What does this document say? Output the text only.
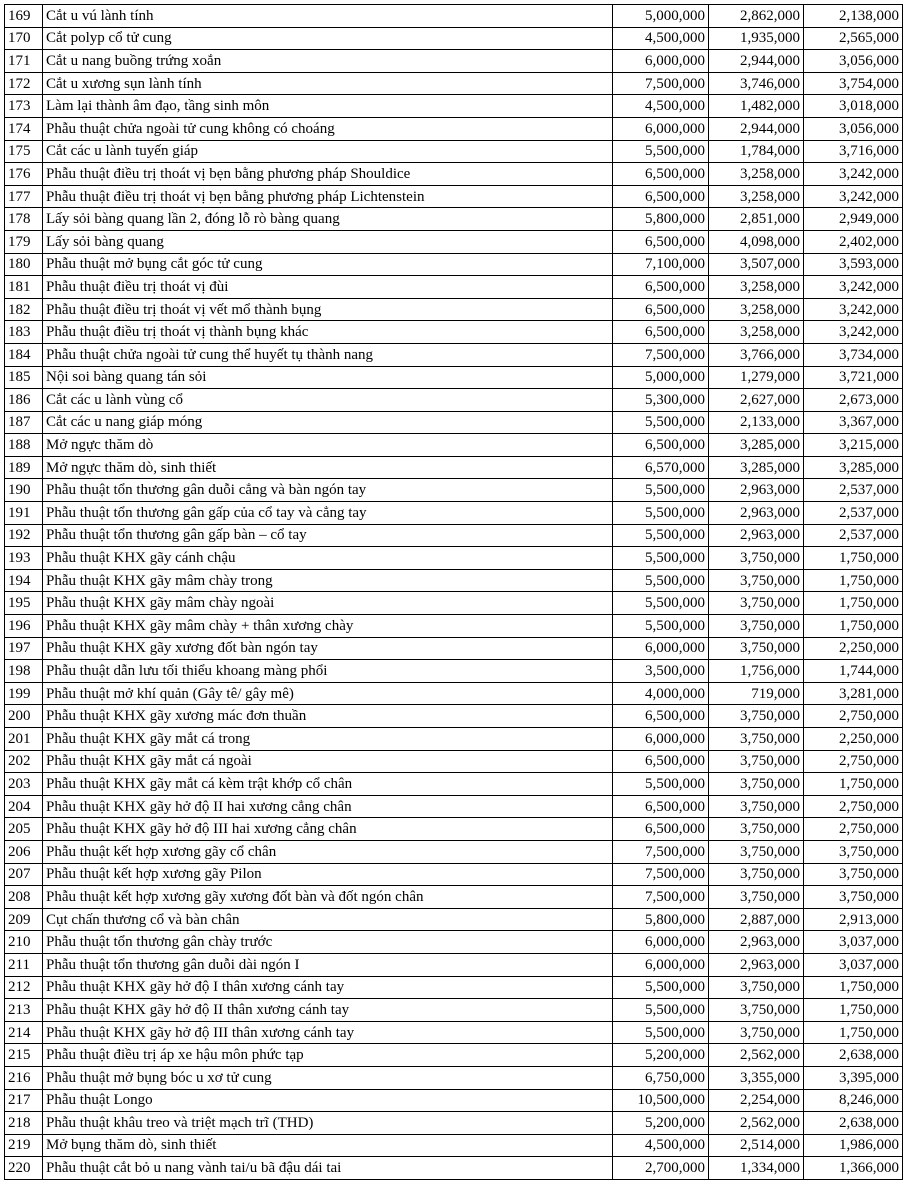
169	Cắt u vú lành tính	5,000,000	2,862,000	2,138,000
170	Cắt polyp cổ tử cung	4,500,000	1,935,000	2,565,000
171	Cắt u nang buồng trứng xoắn	6,000,000	2,944,000	3,056,000
172	Cắt u xương sụn lành tính	7,500,000	3,746,000	3,754,000
173	Làm lại thành âm đạo, tầng sinh môn	4,500,000	1,482,000	3,018,000
174	Phẫu thuật chửa ngoài tử cung không có choáng	6,000,000	2,944,000	3,056,000
175	Cắt các u lành tuyến giáp	5,500,000	1,784,000	3,716,000
176	Phẫu thuật điều trị thoát vị bẹn bằng phương pháp Shouldice	6,500,000	3,258,000	3,242,000
177	Phẫu thuật điều trị thoát vị bẹn bằng phương pháp Lichtenstein	6,500,000	3,258,000	3,242,000
178	Lấy sỏi bàng quang lần 2, đóng lỗ rò bàng quang	5,800,000	2,851,000	2,949,000
179	Lấy sỏi bàng quang	6,500,000	4,098,000	2,402,000
180	Phẫu thuật mở bụng cắt góc tử cung	7,100,000	3,507,000	3,593,000
181	Phẫu thuật điều trị thoát vị đùi	6,500,000	3,258,000	3,242,000
182	Phẫu thuật điều trị thoát vị vết mổ thành bụng	6,500,000	3,258,000	3,242,000
183	Phẫu thuật điều trị thoát vị thành bụng khác	6,500,000	3,258,000	3,242,000
184	Phẫu thuật chửa ngoài tử cung thể huyết tụ thành nang	7,500,000	3,766,000	3,734,000
185	Nội soi bàng quang tán sỏi	5,000,000	1,279,000	3,721,000
186	Cắt các u lành vùng cổ	5,300,000	2,627,000	2,673,000
187	Cắt các u nang giáp móng	5,500,000	2,133,000	3,367,000
188	Mở ngực thăm dò	6,500,000	3,285,000	3,215,000
189	Mở ngực thăm dò, sinh thiết	6,570,000	3,285,000	3,285,000
190	Phẫu thuật tổn thương gân duỗi cẳng và bàn ngón tay	5,500,000	2,963,000	2,537,000
191	Phẫu thuật tổn thương gân gấp của cổ tay và cẳng tay	5,500,000	2,963,000	2,537,000
192	Phẫu thuật tổn thương gân gấp bàn – cổ tay	5,500,000	2,963,000	2,537,000
193	Phẫu thuật KHX gãy cánh chậu	5,500,000	3,750,000	1,750,000
194	Phẫu thuật KHX gãy mâm chày trong	5,500,000	3,750,000	1,750,000
195	Phẫu thuật KHX gãy mâm chày ngoài	5,500,000	3,750,000	1,750,000
196	Phẫu thuật KHX gãy mâm chày + thân xương chày	5,500,000	3,750,000	1,750,000
197	Phẫu thuật KHX gãy xương đốt bàn ngón tay	6,000,000	3,750,000	2,250,000
198	Phẫu thuật dẫn lưu tối thiểu khoang màng phổi	3,500,000	1,756,000	1,744,000
199	Phẫu thuật mở khí quản (Gây tê/ gây mê)	4,000,000	719,000	3,281,000
200	Phẫu thuật KHX gãy xương mác đơn thuần	6,500,000	3,750,000	2,750,000
201	Phẫu thuật KHX gãy mắt cá trong	6,000,000	3,750,000	2,250,000
202	Phẫu thuật KHX gãy mắt cá ngoài	6,500,000	3,750,000	2,750,000
203	Phẫu thuật KHX gãy mắt cá kèm trật khớp cổ chân	5,500,000	3,750,000	1,750,000
204	Phẫu thuật KHX gãy hở độ II hai xương cẳng chân	6,500,000	3,750,000	2,750,000
205	Phẫu thuật KHX gãy hở độ III hai xương cẳng chân	6,500,000	3,750,000	2,750,000
206	Phẫu thuật kết hợp xương gãy cổ chân	7,500,000	3,750,000	3,750,000
207	Phẫu thuật kết hợp xương gãy Pilon	7,500,000	3,750,000	3,750,000
208	Phẫu thuật kết hợp xương gãy xương đốt bàn và đốt ngón chân	7,500,000	3,750,000	3,750,000
209	Cụt chấn thương cổ và bàn chân	5,800,000	2,887,000	2,913,000
210	Phẫu thuật tổn thương gân chày trước	6,000,000	2,963,000	3,037,000
211	Phẫu thuật tổn thương gân duỗi dài ngón I	6,000,000	2,963,000	3,037,000
212	Phẫu thuật KHX gãy hở độ I thân xương cánh tay	5,500,000	3,750,000	1,750,000
213	Phẫu thuật KHX gãy hở độ II thân xương cánh tay	5,500,000	3,750,000	1,750,000
214	Phẫu thuật KHX gãy hở độ III thân xương cánh tay	5,500,000	3,750,000	1,750,000
215	Phẫu thuật điều trị áp xe hậu môn phức tạp	5,200,000	2,562,000	2,638,000
216	Phẫu thuật mở bụng bóc u xơ tử cung	6,750,000	3,355,000	3,395,000
217	Phẫu thuật Longo	10,500,000	2,254,000	8,246,000
218	Phẫu thuật khâu treo và triệt mạch trĩ (THD)	5,200,000	2,562,000	2,638,000
219	Mở bụng thăm dò, sinh thiết	4,500,000	2,514,000	1,986,000
220	Phẫu thuật cắt bỏ u nang vành tai/u bã đậu dái tai	2,700,000	1,334,000	1,366,000
